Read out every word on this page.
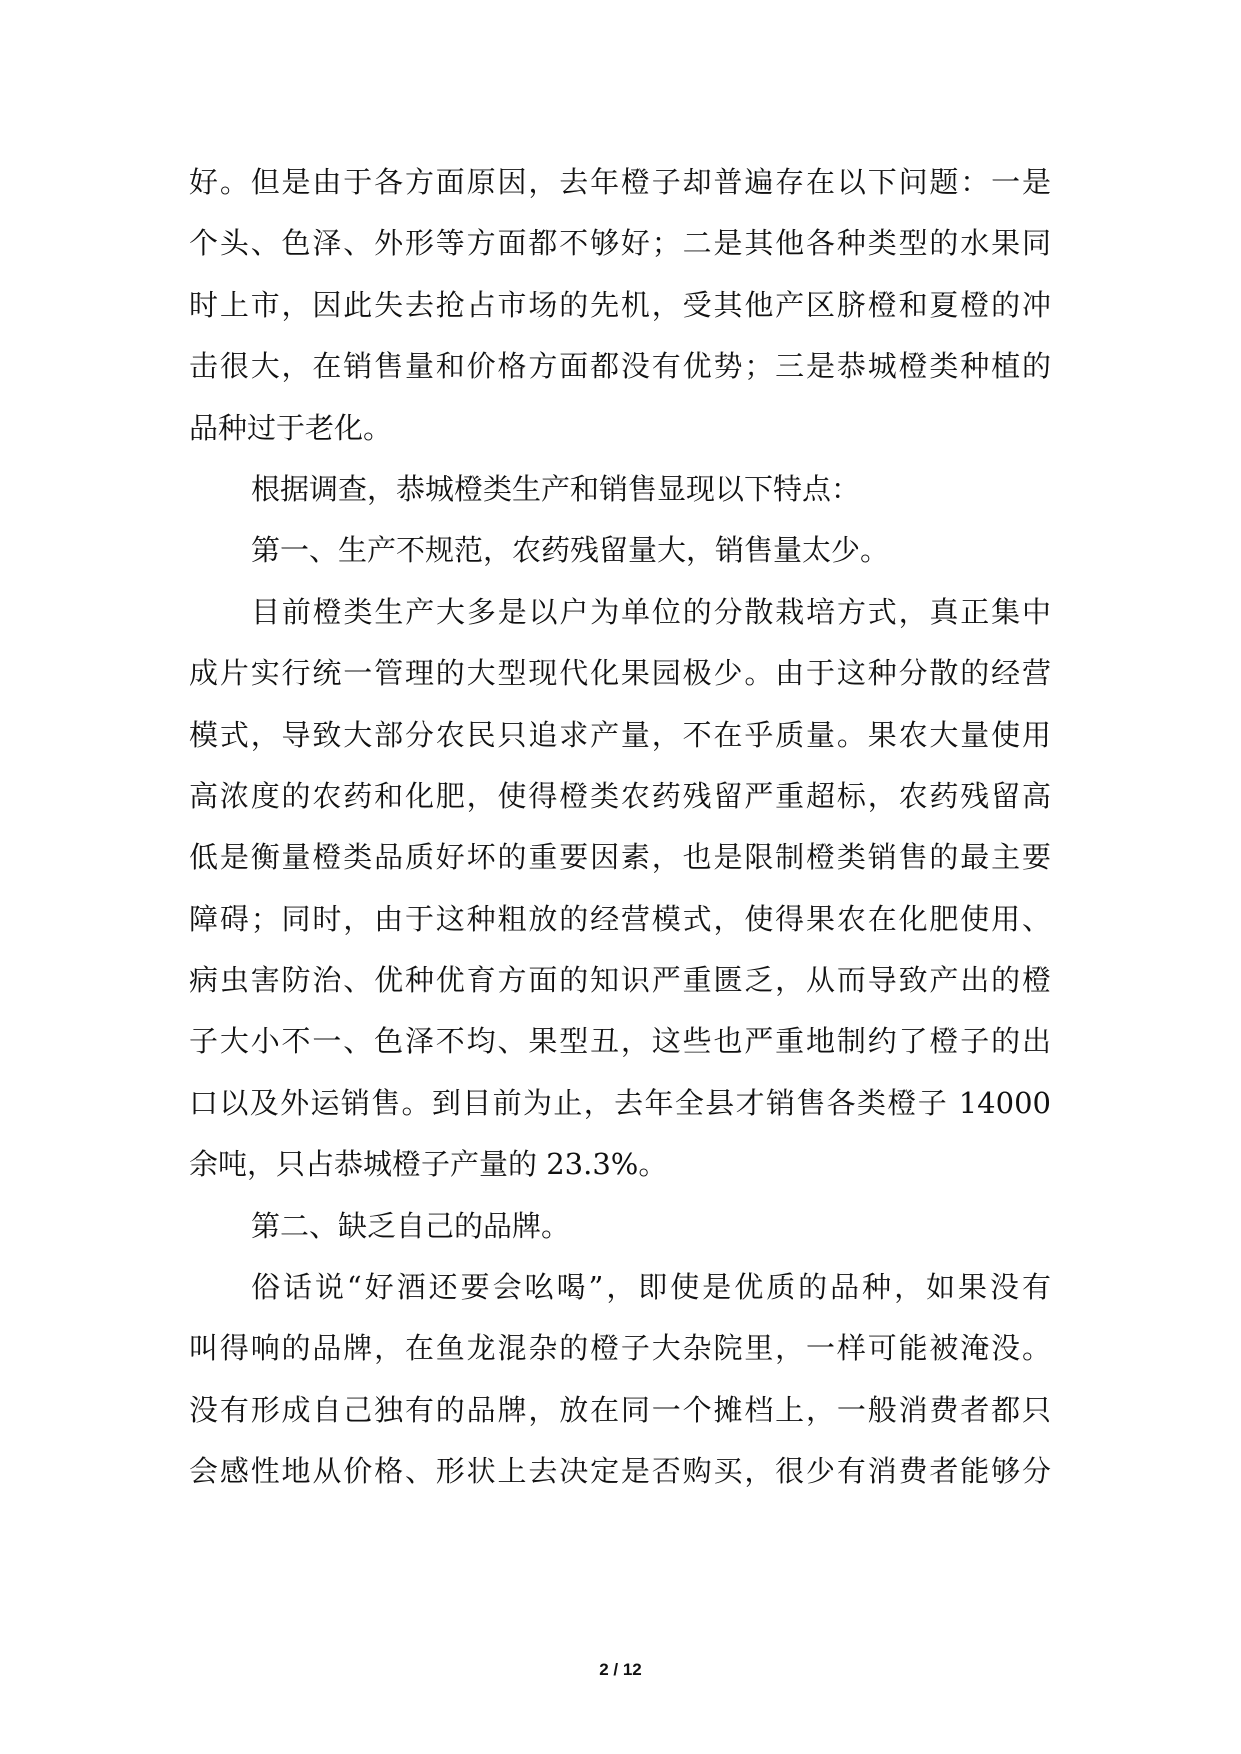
好。但是由于各方面原因，去年橙子却普遍存在以下问题：一是
个头、色泽、外形等方面都不够好；二是其他各种类型的水果同
时上市，因此失去抢占市场的先机，受其他产区脐橙和夏橙的冲
击很大，在销售量和价格方面都没有优势；三是恭城橙类种植的
品种过于老化。
根据调查，恭城橙类生产和销售显现以下特点：
第一、生产不规范，农药残留量大，销售量太少。
目前橙类生产大多是以户为单位的分散栽培方式，真正集中
成片实行统一管理的大型现代化果园极少。由于这种分散的经营
模式，导致大部分农民只追求产量，不在乎质量。果农大量使用
高浓度的农药和化肥，使得橙类农药残留严重超标，农药残留高
低是衡量橙类品质好坏的重要因素，也是限制橙类销售的最主要
障碍；同时，由于这种粗放的经营模式，使得果农在化肥使用、
病虫害防治、优种优育方面的知识严重匮乏，从而导致产出的橙
子大小不一、色泽不均、果型丑，这些也严重地制约了橙子的出
口以及外运销售。到目前为止，去年全县才销售各类橙子 14000
余吨，只占恭城橙子产量的 23.3%。
第二、缺乏自己的品牌。
俗话说“好酒还要会吆喝”，即使是优质的品种，如果没有
叫得响的品牌，在鱼龙混杂的橙子大杂院里，一样可能被淹没。
没有形成自己独有的品牌，放在同一个摊档上，一般消费者都只
会感性地从价格、形状上去决定是否购买，很少有消费者能够分
2 / 12
